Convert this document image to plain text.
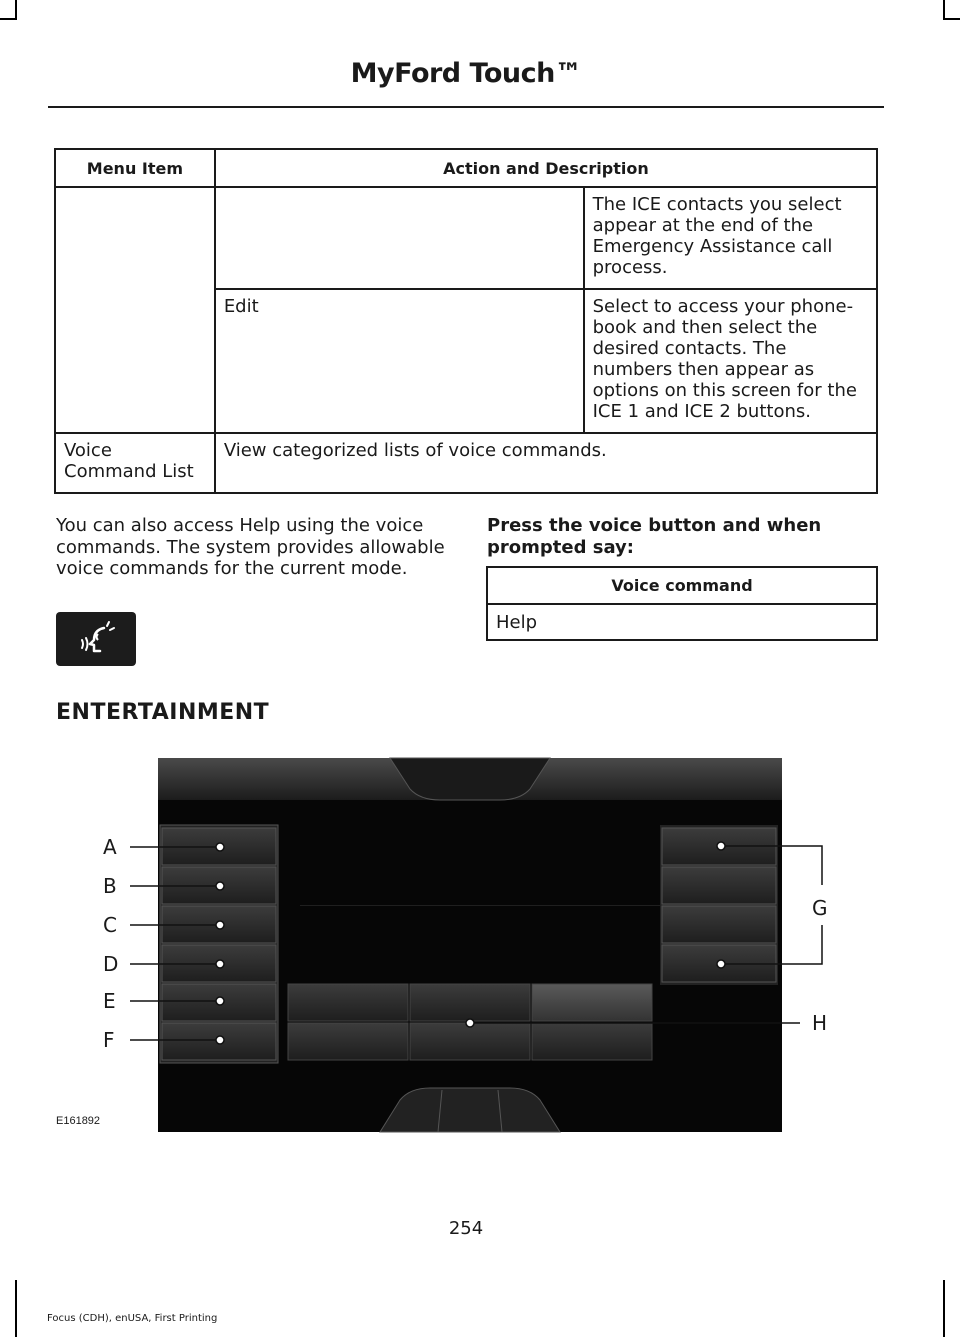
MyFord Touch™
Menu Item	Action and Description	
		The ICE contacts you select appear at the end of the Emergency Assistance call process.
	Edit	Select to access your phone-book and then select the desired contacts. The numbers then appear as options on this screen for the ICE 1 and ICE 2 buttons.
Voice Command List	View categorized lists of voice commands.	
You can also access Help using the voice commands. The system provides allowable voice commands for the current mode.
Press the voice button and when prompted say:
Voice command
Help
ENTERTAINMENT
A
B
C
D
E
F
G
H
E161892
254
Focus (CDH), enUSA, First Printing
